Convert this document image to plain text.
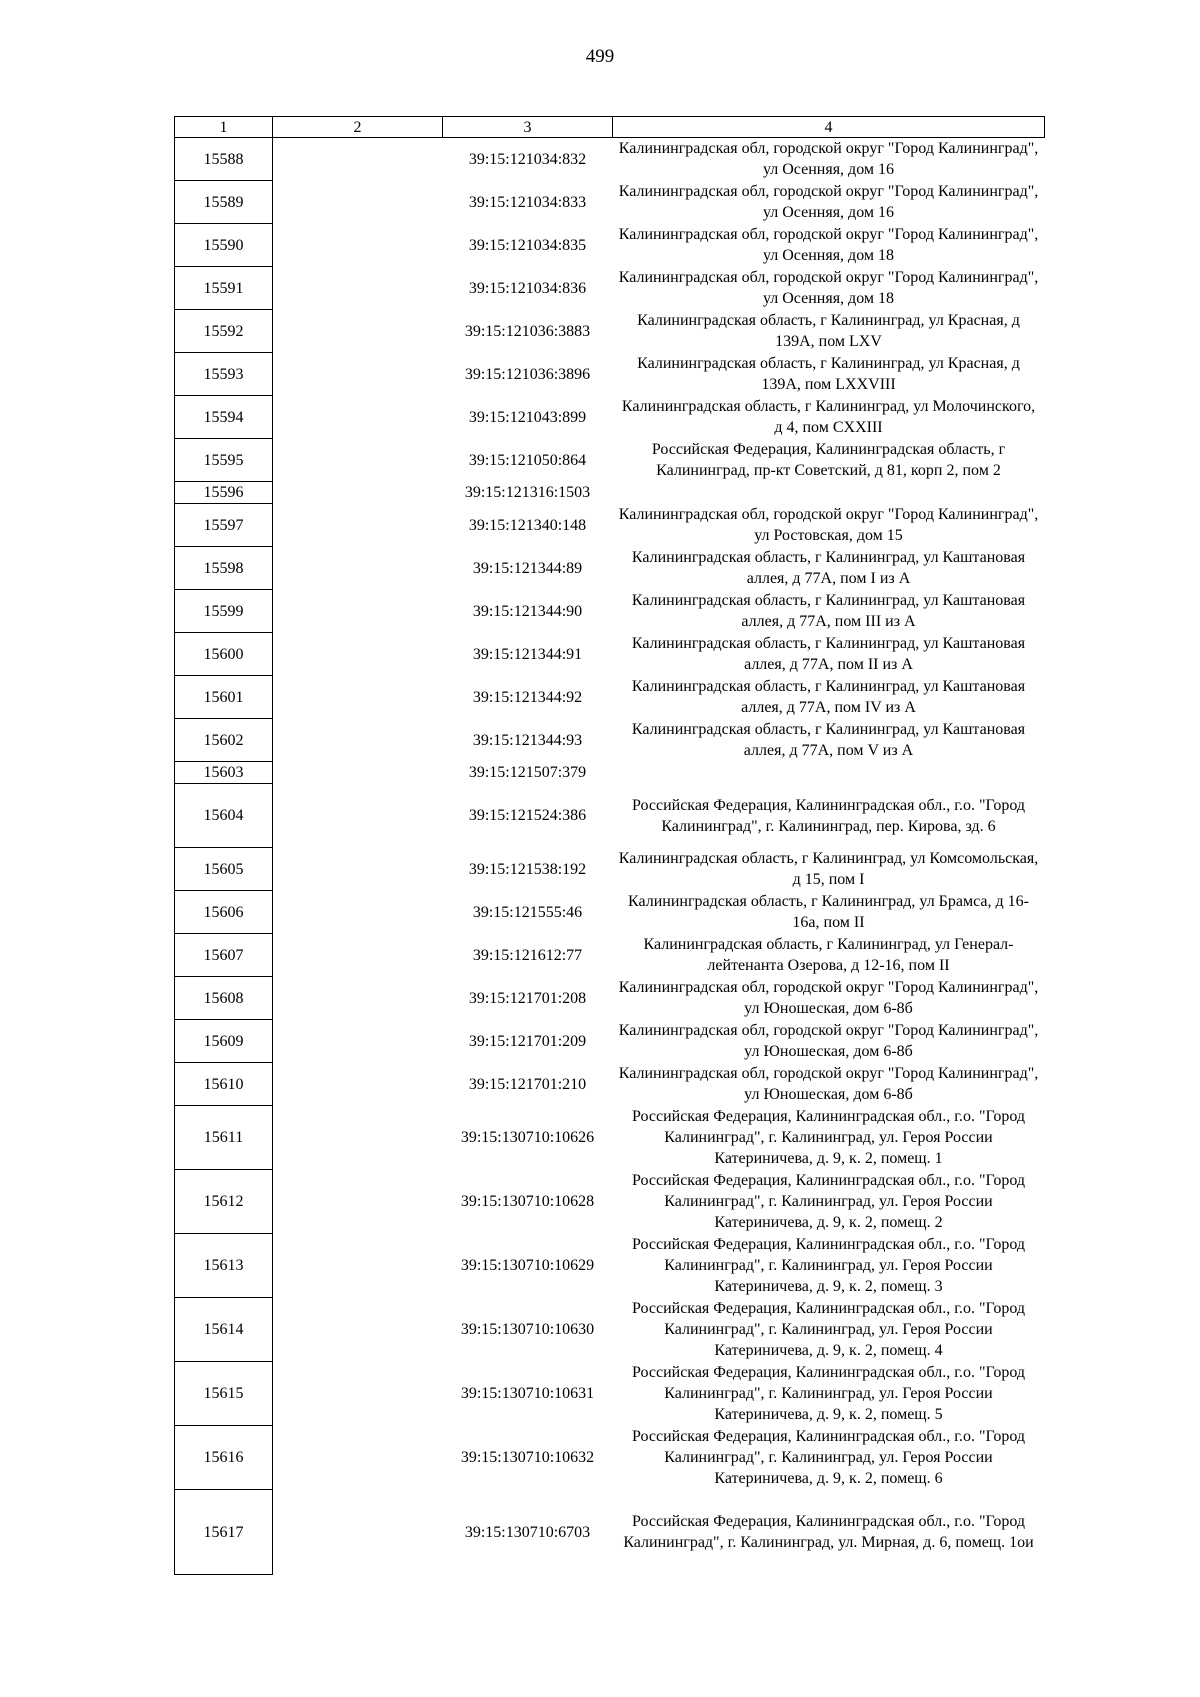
499
1	2	3	4
15588		39:15:121034:832	Калининградская обл, городской округ "Город Калининград", ул Осенняя, дом 16
15589		39:15:121034:833	Калининградская обл, городской округ "Город Калининград", ул Осенняя, дом 16
15590		39:15:121034:835	Калининградская обл, городской округ "Город Калининград", ул Осенняя, дом 18
15591		39:15:121034:836	Калининградская обл, городской округ "Город Калининград", ул Осенняя, дом 18
15592		39:15:121036:3883	Калининградская область, г Калининград, ул Красная, д 139А, пом LXV
15593		39:15:121036:3896	Калининградская область, г Калининград, ул Красная, д 139А, пом LXXVIII
15594		39:15:121043:899	Калининградская область, г Калининград, ул Молочинского, д 4, пом CXXIII
15595		39:15:121050:864	Российская Федерация, Калининградская область, г Калининград, пр-кт Советский, д 81, корп 2, пом 2
15596		39:15:121316:1503	
15597		39:15:121340:148	Калининградская обл, городской округ "Город Калининград", ул Ростовская, дом 15
15598		39:15:121344:89	Калининградская область, г Калининград, ул Каштановая аллея, д 77А, пом I из А
15599		39:15:121344:90	Калининградская область, г Калининград, ул Каштановая аллея, д 77А, пом III из А
15600		39:15:121344:91	Калининградская область, г Калининград, ул Каштановая аллея, д 77А, пом II из А
15601		39:15:121344:92	Калининградская область, г Калининград, ул Каштановая аллея, д 77А, пом IV из А
15602		39:15:121344:93	Калининградская область, г Калининград, ул Каштановая аллея, д 77А, пом V из А
15603		39:15:121507:379	
15604		39:15:121524:386	Российская Федерация, Калининградская обл., г.о. "Город Калининград", г. Калининград, пер. Кирова, зд. 6
15605		39:15:121538:192	Калининградская область, г Калининград, ул Комсомольская, д 15, пом I
15606		39:15:121555:46	Калининградская область, г Калининград, ул Брамса, д 16-16а, пом II
15607		39:15:121612:77	Калининградская область, г Калининград, ул Генерал-лейтенанта Озерова, д 12-16, пом II
15608		39:15:121701:208	Калининградская обл, городской округ "Город Калининград", ул Юношеская, дом 6-8б
15609		39:15:121701:209	Калининградская обл, городской округ "Город Калининград", ул Юношеская, дом 6-8б
15610		39:15:121701:210	Калининградская обл, городской округ "Город Калининград", ул Юношеская, дом 6-8б
15611		39:15:130710:10626	Российская Федерация, Калининградская обл., г.о. "Город Калининград", г. Калининград, ул. Героя России Катериничева, д. 9, к. 2, помещ. 1
15612		39:15:130710:10628	Российская Федерация, Калининградская обл., г.о. "Город Калининград", г. Калининград, ул. Героя России Катериничева, д. 9, к. 2, помещ. 2
15613		39:15:130710:10629	Российская Федерация, Калининградская обл., г.о. "Город Калининград", г. Калининград, ул. Героя России Катериничева, д. 9, к. 2, помещ. 3
15614		39:15:130710:10630	Российская Федерация, Калининградская обл., г.о. "Город Калининград", г. Калининград, ул. Героя России Катериничева, д. 9, к. 2, помещ. 4
15615		39:15:130710:10631	Российская Федерация, Калининградская обл., г.о. "Город Калининград", г. Калининград, ул. Героя России Катериничева, д. 9, к. 2, помещ. 5
15616		39:15:130710:10632	Российская Федерация, Калининградская обл., г.о. "Город Калининград", г. Калининград, ул. Героя России Катериничева, д. 9, к. 2, помещ. 6
15617		39:15:130710:6703	Российская Федерация, Калининградская обл., г.о. "Город Калининград", г. Калининград, ул. Мирная, д. 6, помещ. 1ои
